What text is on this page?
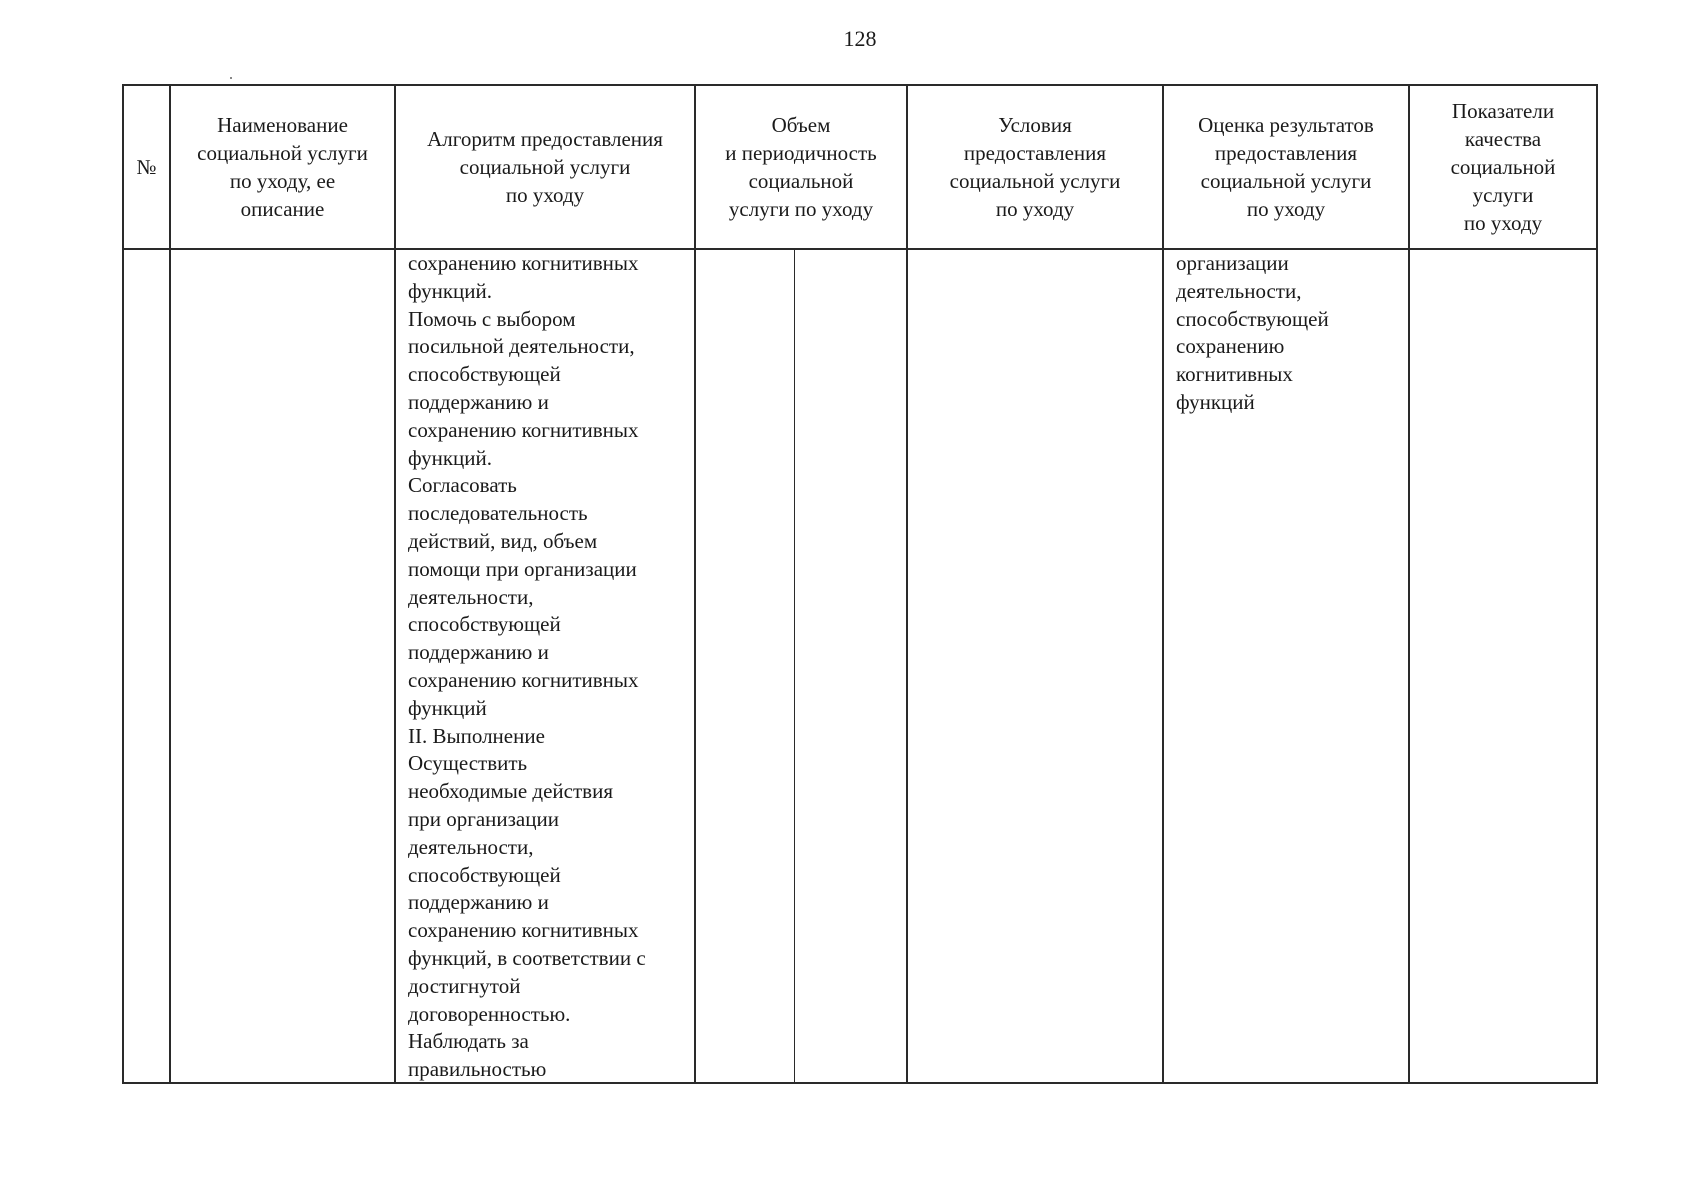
128
№
Наименование
социальной услуги
по уходу, ее
описание
Алгоритм предоставления
социальной услуги
по уходу
Объем
и периодичность
социальной
услуги по уходу
Условия
предоставления
социальной услуги
по уходу
Оценка результатов
предоставления
социальной услуги
по уходу
Показатели
качества
социальной
услуги
по уходу
сохранению когнитивных
функций.
Помочь с выбором
посильной деятельности,
способствующей
поддержанию и
сохранению когнитивных
функций.
Согласовать
последовательность
действий, вид, объем
помощи при организации
деятельности,
способствующей
поддержанию и
сохранению когнитивных
функций
II. Выполнение
Осуществить
необходимые действия
при организации
деятельности,
способствующей
поддержанию и
сохранению когнитивных
функций, в соответствии с
достигнутой
договоренностью.
Наблюдать за
правильностью
организации
деятельности,
способствующей
сохранению
когнитивных
функций
